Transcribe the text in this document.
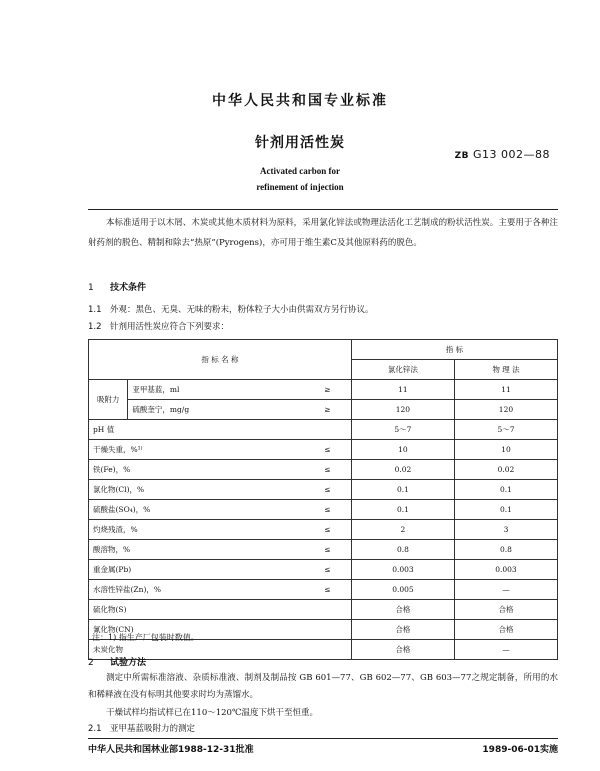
中华人民共和国专业标准
针剂用活性炭
ZB G13 002—88
Activated carbon for
refinement of injection
本标准适用于以木屑、木炭或其他木质材料为原料，采用氯化锌法或物理法活化工艺制成的粉状活性炭。主要用于各种注射药剂的脱色、精制和除去“热原”(Pyrogens)，亦可用于维生素C及其他原料药的脱色。
1 技术条件
1.1 外观：黑色、无臭、无味的粉末，粉体粒子大小由供需双方另行协议。
1.2 针剂用活性炭应符合下列要求：
指 标 名 称			指 标	
			氯化锌法	物 理 法
吸附力	亚甲基蓝，ml	≥	11	11
	硫酸奎宁，mg/g	≥	120	120
pH 值			5～7	5～7
干燥失重，%¹⁾		≤	10	10
铁(Fe)，%		≤	0.02	0.02
氯化物(Cl)，%		≤	0.1	0.1
硫酸盐(SO₄)，%		≤	0.1	0.1
灼烧残渣，%		≤	2	3
酸溶物，%		≤	0.8	0.8
重金属(Pb)		≤	0.003	0.003
水溶性锌盐(Zn)，%		≤	0.005	—
硫化物(S)			合格	合格
氰化物(CN)			合格	合格
未炭化物			合格	—
注：1) 指生产厂包装时数值。
2 试验方法
测定中所需标准溶液、杂质标准液、制剂及制品按 GB 601—77、GB 602—77、GB 603—77之规定制备，所用的水和稀释液在没有标明其他要求时均为蒸馏水。
干燥试样均指试样已在110～120℃温度下烘干至恒重。
2.1 亚甲基蓝吸附力的测定
中华人民共和国林业部1988-12-31批准	1989-06-01实施
